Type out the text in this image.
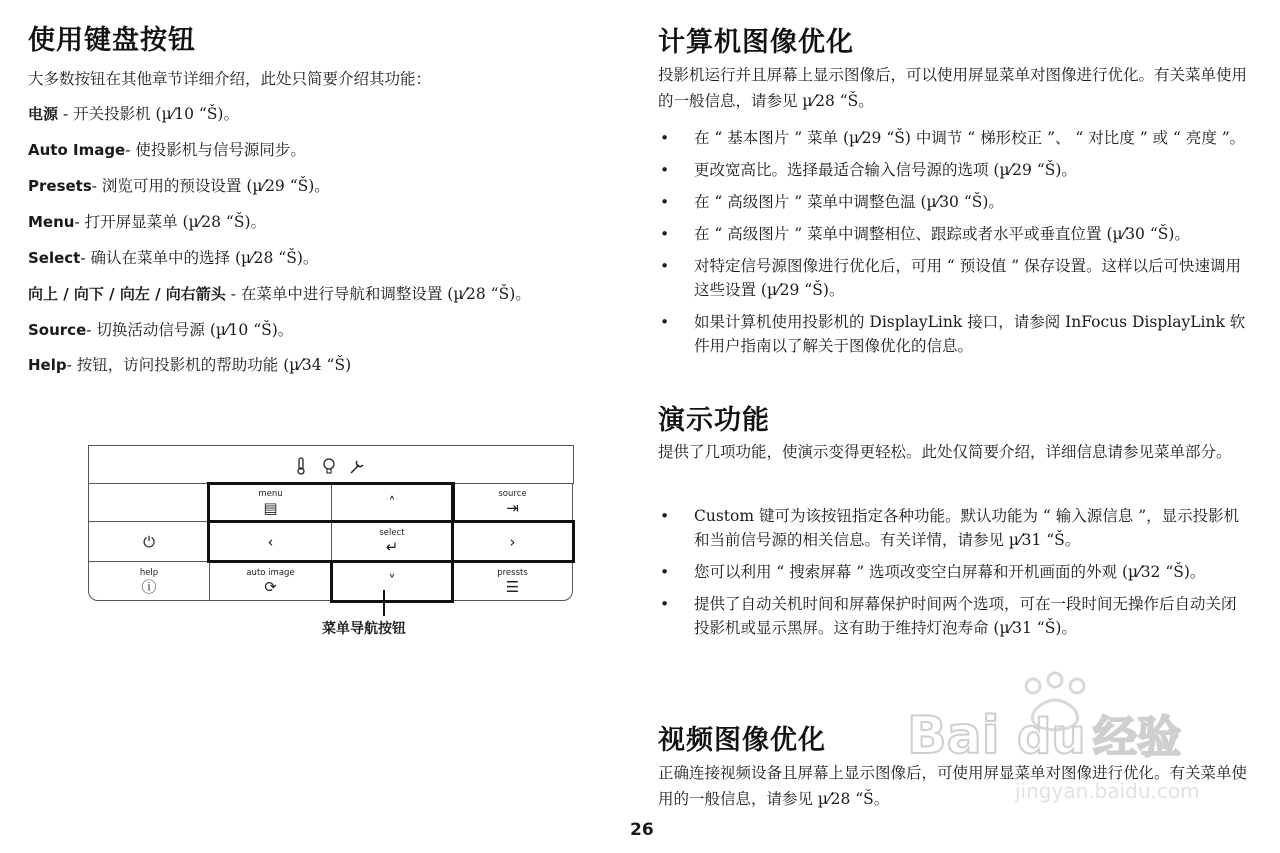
使用键盘按钮

大多数按钮在其他章节详细介绍，此处只简要介绍其功能：

电源 - 开关投影机 (µ⁄10 “Š)。

Auto Image- 使投影机与信号源同步。

Presets- 浏览可用的预设设置 (µ⁄29 “Š)。

Menu- 打开屏显菜单 (µ⁄28 “Š)。

Select- 确认在菜单中的选择 (µ⁄28 “Š)。

向上 / 向下 / 向左 / 向右箭头 - 在菜单中进行导航和调整设置 (µ⁄28 “Š)。

Source- 切换活动信号源 (µ⁄10 “Š)。

Help- 按钮，访问投影机的帮助功能 (µ⁄34 “Š)

menu
▤	˄	source
⇥
⏻	‹	select
↵	›
help
ⓘ
auto image
⟳	˅	pressts
☰
菜单导航按钮
计算机图像优化

投影机运行并且屏幕上显示图像后，可以使用屏显菜单对图像进行优化。有关菜单使用的一般信息，请参见 µ⁄28 “Š。

• 在 “ 基本图片 ” 菜单 (µ⁄29 “Š) 中调节 “ 梯形校正 ”、 “ 对比度 ” 或 “ 亮度 ”。
• 更改宽高比。选择最适合输入信号源的选项 (µ⁄29 “Š)。
• 在 “ 高级图片 ” 菜单中调整色温 (µ⁄30 “Š)。
• 在 “ 高级图片 ” 菜单中调整相位、跟踪或者水平或垂直位置 (µ⁄30 “Š)。
• 对特定信号源图像进行优化后，可用 “ 预设值 ” 保存设置。这样以后可快速调用这些设置 (µ⁄29 “Š)。
• 如果计算机使用投影机的 DisplayLink 接口，请参阅 InFocus DisplayLink 软件用户指南以了解关于图像优化的信息。
演示功能

提供了几项功能，使演示变得更轻松。此处仅简要介绍，详细信息请参见菜单部分。

• Custom 键可为该按钮指定各种功能。默认功能为 “ 输入源信息 ”，显示投影机和当前信号源的相关信息。有关详情，请参见 µ⁄31 “Š。
• 您可以利用 “ 搜索屏幕 ” 选项改变空白屏幕和开机画面的外观 (µ⁄32 “Š)。
• 提供了自动关机时间和屏幕保护时间两个选项，可在一段时间无操作后自动关闭投影机或显示黑屏。这有助于维持灯泡寿命 (µ⁄31 “Š)。
视频图像优化

正确连接视频设备且屏幕上显示图像后，可使用屏显菜单对图像进行优化。有关菜单使用的一般信息，请参见 µ⁄28 “Š。

26
Bai du 经验
jingyan.baidu.com
